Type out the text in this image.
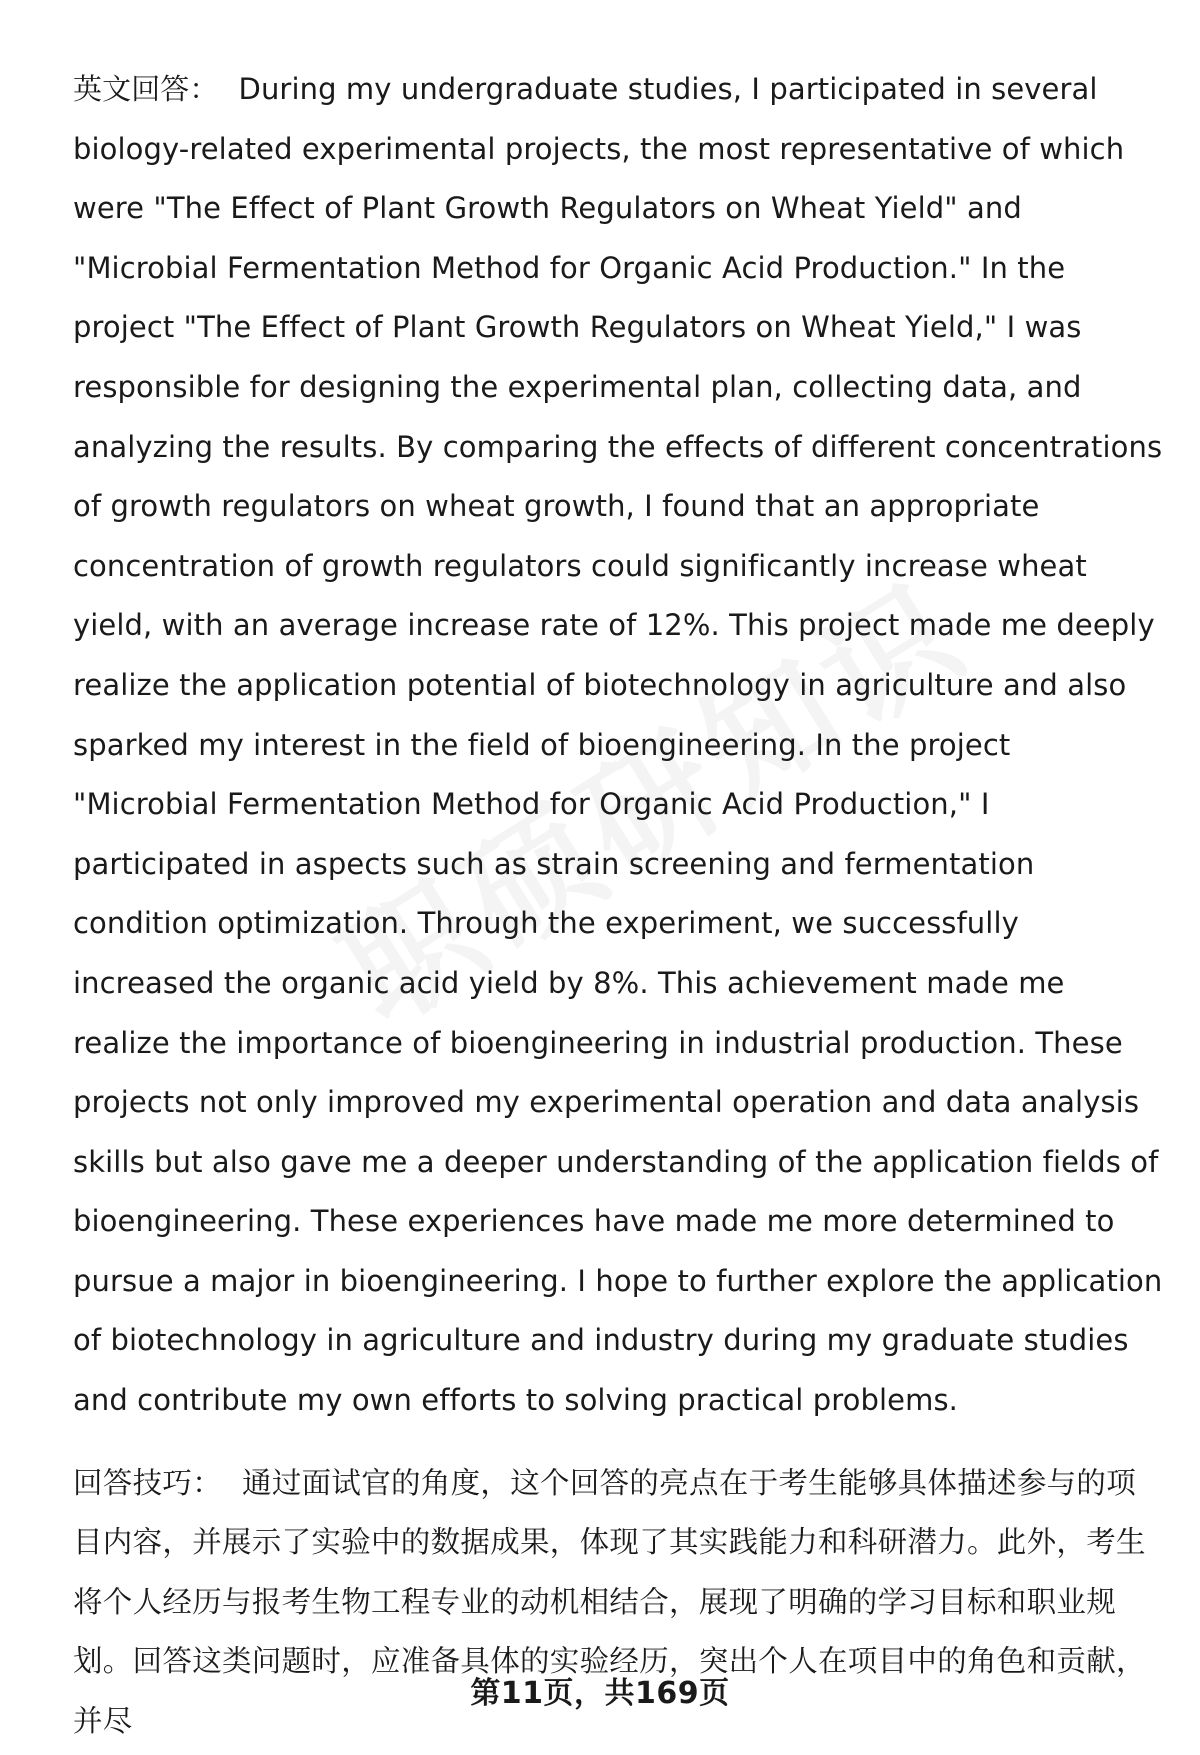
英文回答： During my undergraduate studies, I participated in several biology-related experimental projects, the most representative of which were "The Effect of Plant Growth Regulators on Wheat Yield" and "Microbial Fermentation Method for Organic Acid Production." In the project "The Effect of Plant Growth Regulators on Wheat Yield," I was responsible for designing the experimental plan, collecting data, and analyzing the results. By comparing the effects of different concentrations of growth regulators on wheat growth, I found that an appropriate concentration of growth regulators could significantly increase wheat yield, with an average increase rate of 12%. This project made me deeply realize the application potential of biotechnology in agriculture and also sparked my interest in the field of bioengineering. In the project "Microbial Fermentation Method for Organic Acid Production," I participated in aspects such as strain screening and fermentation condition optimization. Through the experiment, we successfully increased the organic acid yield by 8%. This achievement made me realize the importance of bioengineering in industrial production. These projects not only improved my experimental operation and data analysis skills but also gave me a deeper understanding of the application fields of bioengineering. These experiences have made me more determined to pursue a major in bioengineering. I hope to further explore the application of biotechnology in agriculture and industry during my graduate studies and contribute my own efforts to solving practical problems.

回答技巧： 通过面试官的角度，这个回答的亮点在于考生能够具体描述参与的项目内容，并展示了实验中的数据成果，体现了其实践能力和科研潜力。此外，考生将个人经历与报考生物工程专业的动机相结合，展现了明确的学习目标和职业规划。回答这类问题时，应准备具体的实验经历，突出个人在项目中的角色和贡献，并尽

第11页，共169页
